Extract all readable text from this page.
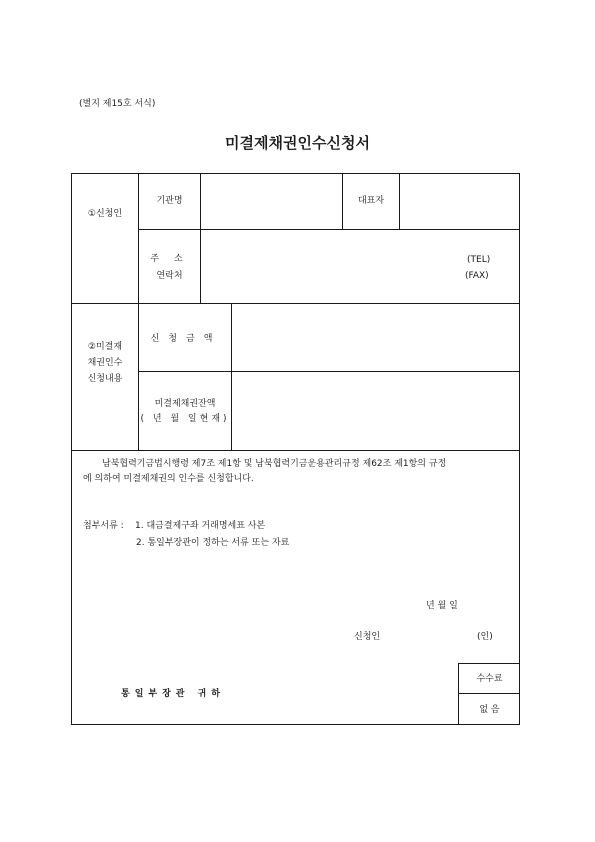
(별지 제15호 서식)
미결제채권인수신청서
①신청인
기관명	대표자
주 소
연락처
(TEL)
(FAX)
②미결재
채권인수
신청내용
신청금액
미결제채권잔액
( 년 월 일현재)
남북협력기금법시행령 제7조 제1항 및 남북협력기금운용관리규정 제62조 제1항의 규정
에 의하여 미결제채권의 인수를 신청합니다.
첨부서류 : 1. 대금결제구좌 거래명세표 사본
2. 통일부장관이 정하는 서류 또는 자료
년 월 일
신청인	(인)
통일부장관 귀하
수수료
없 음
